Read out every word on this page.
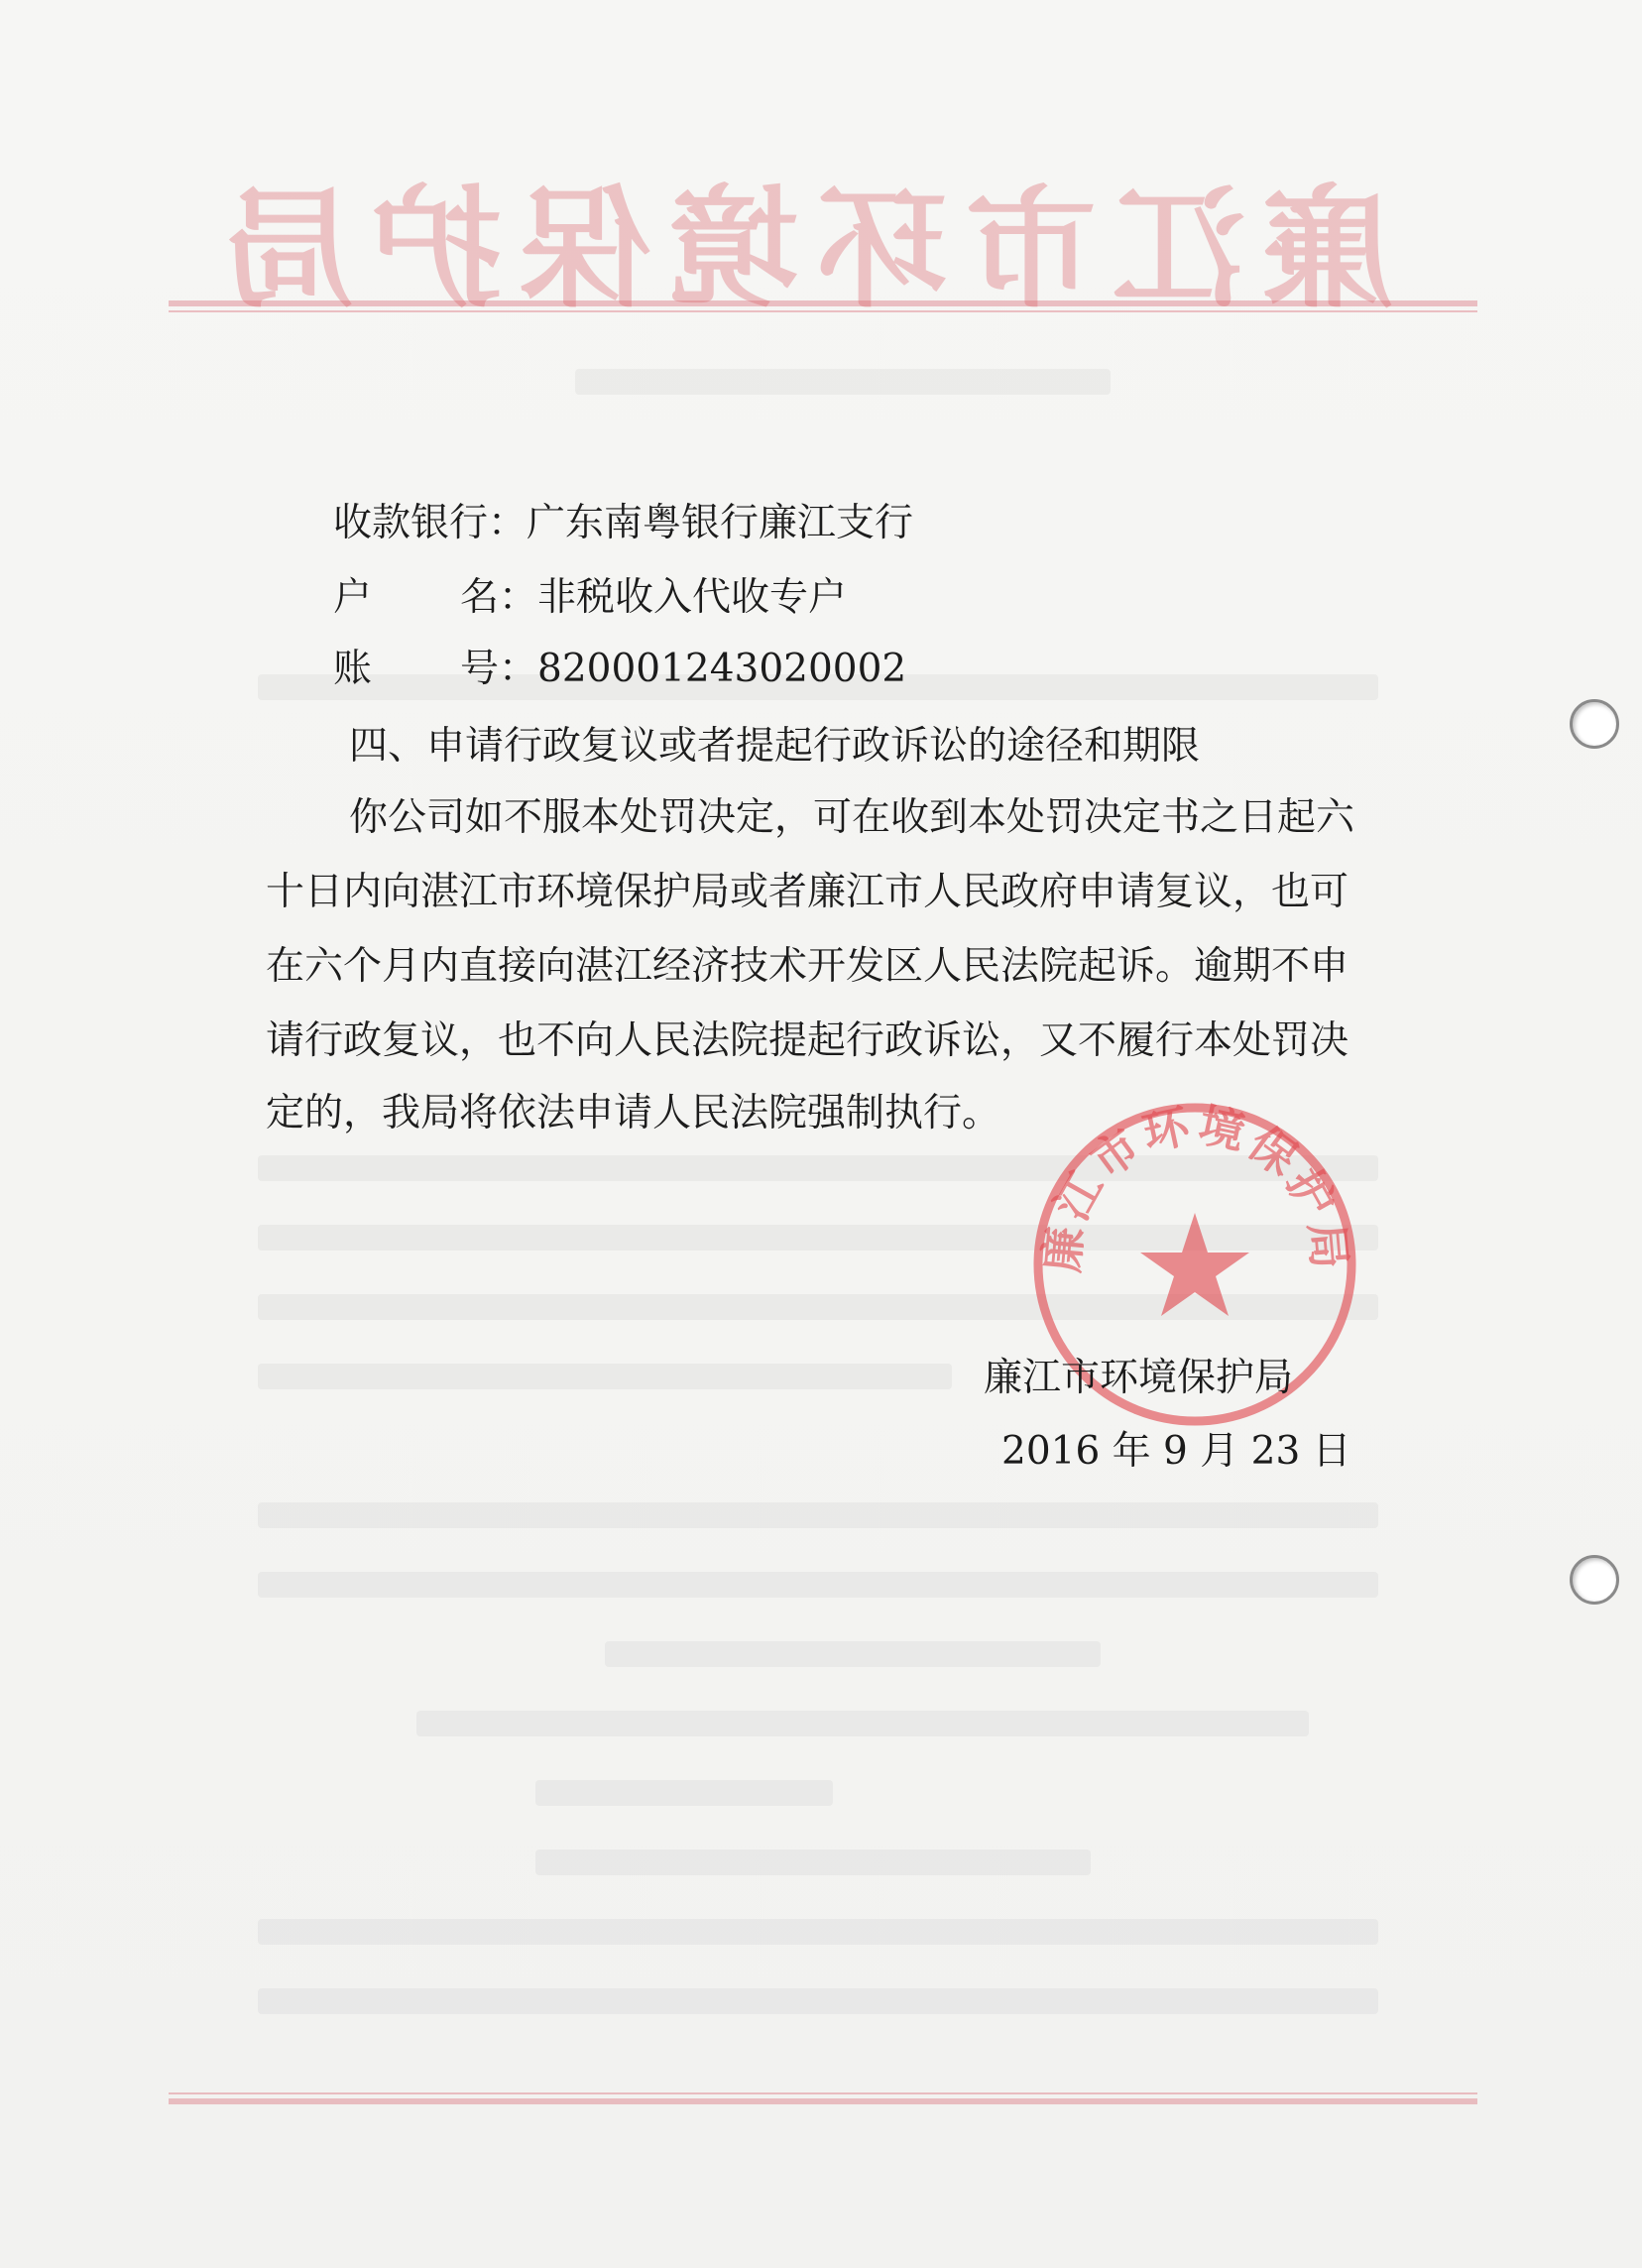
廉
江
市
环
境
保
护
局
收款银行：广东南粤银行廉江支行
户 名：非税收入代收专户
账 号：820001243020002
四、申请行政复议或者提起行政诉讼的途径和期限
你公司如不服本处罚决定，可在收到本处罚决定书之日起六
十日内向湛江市环境保护局或者廉江市人民政府申请复议，也可
在六个月内直接向湛江经济技术开发区人民法院起诉。逾期不申
请行政复议，也不向人民法院提起行政诉讼，又不履行本处罚决
定的，我局将依法申请人民法院强制执行。
廉江市环境保护局
廉江市环境保护局
2016 年 9 月 23 日
